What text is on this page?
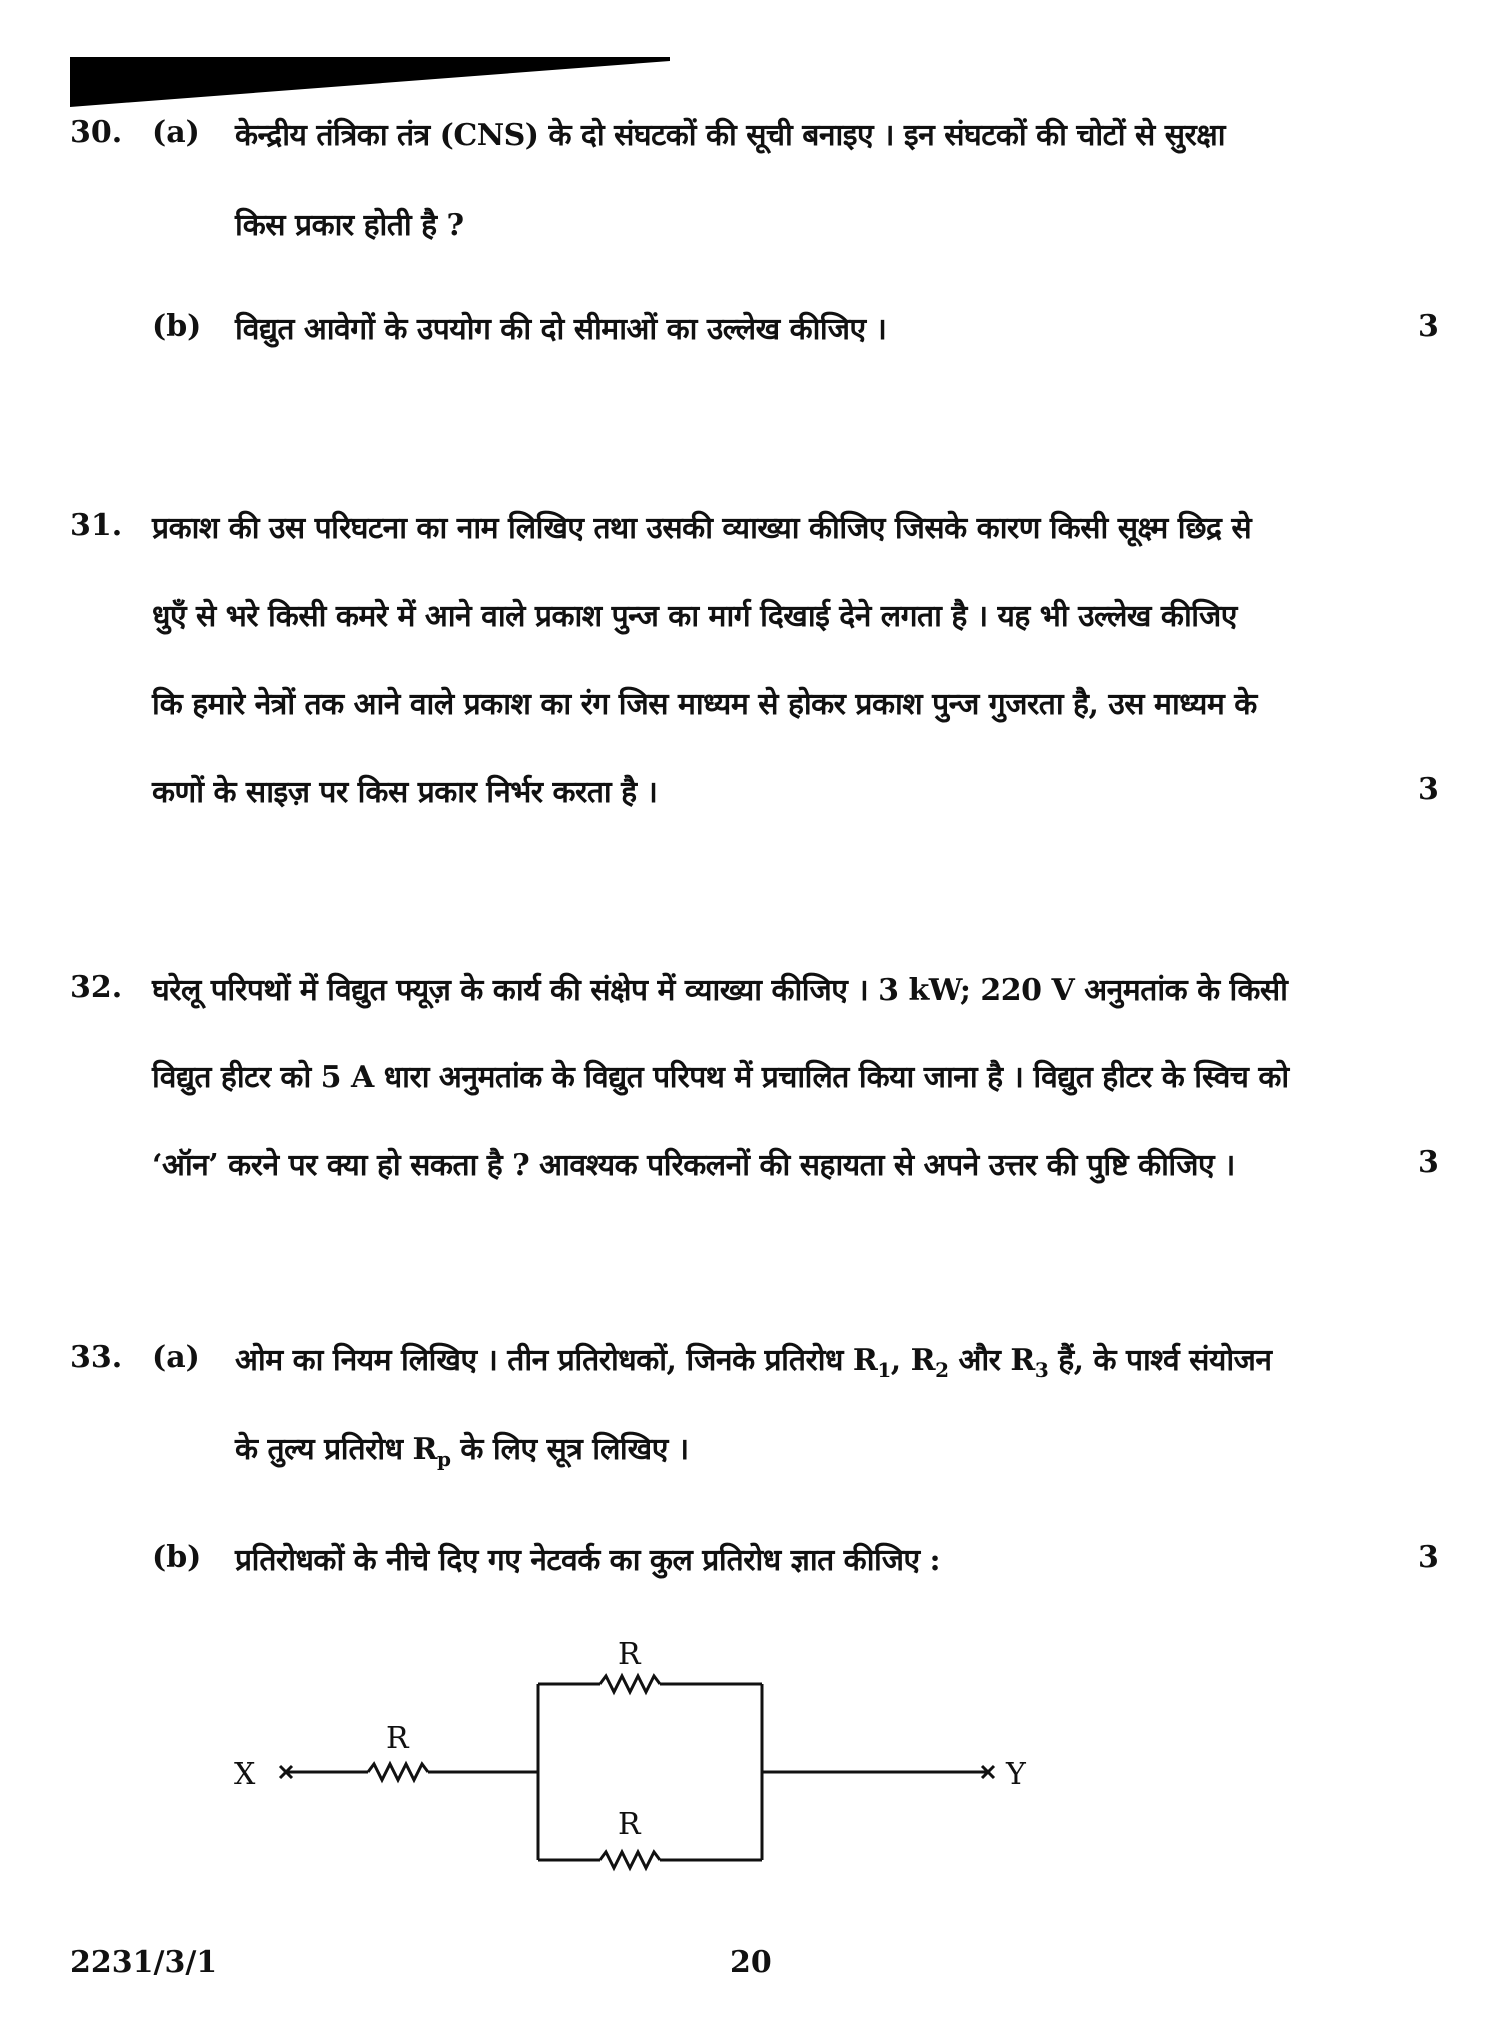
30. (a) केन्द्रीय तंत्रिका तंत्र (CNS) के दो संघटकों की सूची बनाइए । इन संघटकों की चोटों से सुरक्षा
किस प्रकार होती है ?
(b) विद्युत आवेगों के उपयोग की दो सीमाओं का उल्लेख कीजिए ।	3
31. प्रकाश की उस परिघटना का नाम लिखिए तथा उसकी व्याख्या कीजिए जिसके कारण किसी सूक्ष्म छिद्र से
धुएँ से भरे किसी कमरे में आने वाले प्रकाश पुन्ज का मार्ग दिखाई देने लगता है । यह भी उल्लेख कीजिए
कि हमारे नेत्रों तक आने वाले प्रकाश का रंग जिस माध्यम से होकर प्रकाश पुन्ज गुजरता है, उस माध्यम के
कणों के साइज़ पर किस प्रकार निर्भर करता है ।	3
32. घरेलू परिपथों में विद्युत फ्यूज़ के कार्य की संक्षेप में व्याख्या कीजिए । 3 kW; 220 V अनुमतांक के किसी
विद्युत हीटर को 5 A धारा अनुमतांक के विद्युत परिपथ में प्रचालित किया जाना है । विद्युत हीटर के स्विच को
‘ऑन’ करने पर क्या हो सकता है ? आवश्यक परिकलनों की सहायता से अपने उत्तर की पुष्टि कीजिए ।	3
33. (a) ओम का नियम लिखिए । तीन प्रतिरोधकों, जिनके प्रतिरोध $R_1$, $R_2$ और $R_3$ हैं, के पार्श्व संयोजन
के तुल्य प्रतिरोध $R_p$ के लिए सूत्र लिखिए ।
(b) प्रतिरोधकों के नीचे दिए गए नेटवर्क का कुल प्रतिरोध ज्ञात कीजिए :	3
X	Y
R
R
R
2231/3/1	20
